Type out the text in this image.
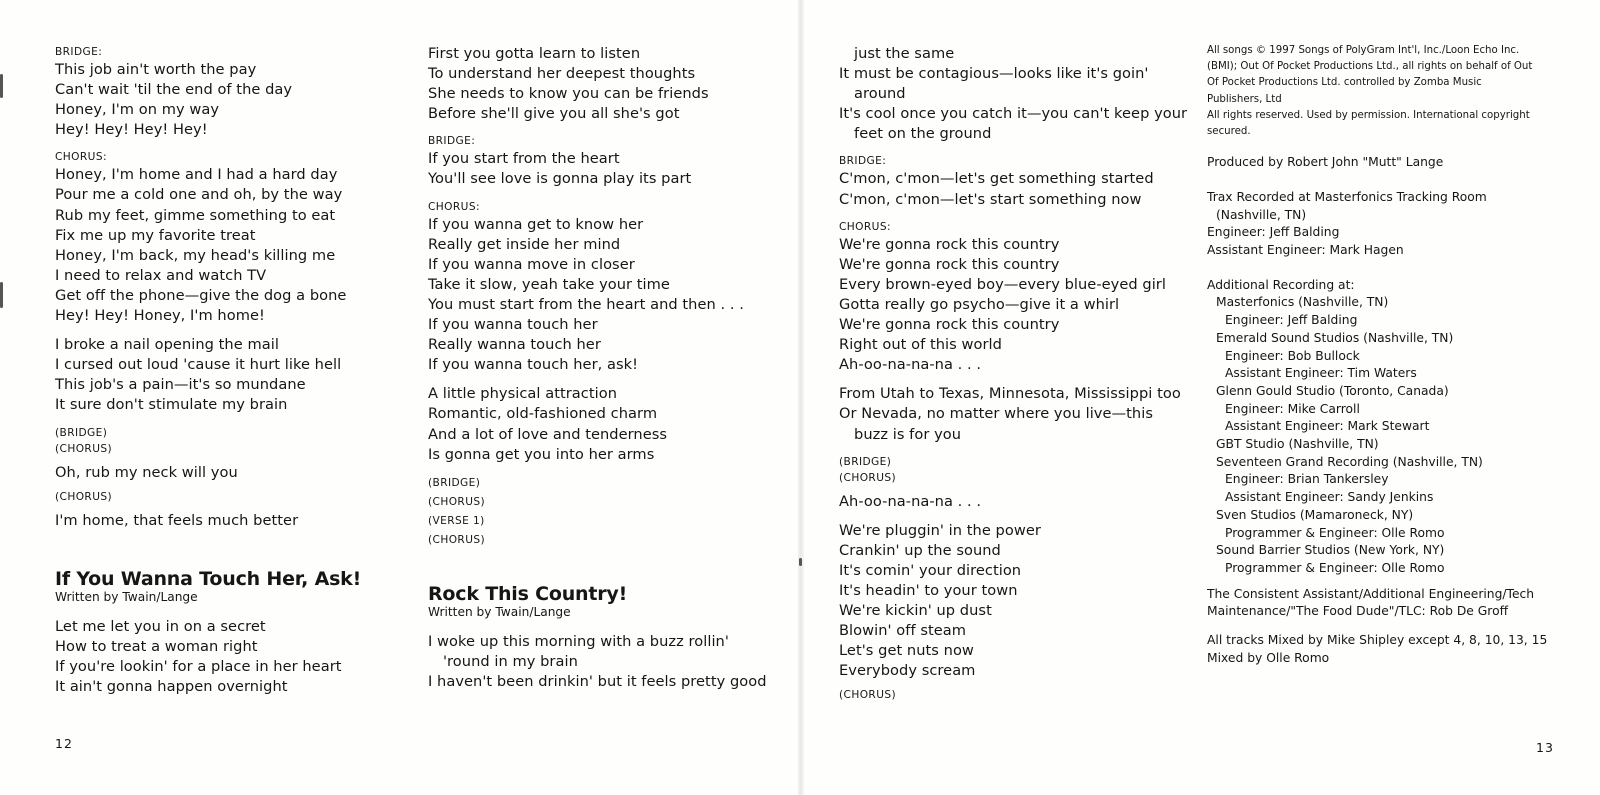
BRIDGE:
This job ain't worth the pay
Can't wait 'til the end of the day
Honey, I'm on my way
Hey! Hey! Hey! Hey!
CHORUS:
Honey, I'm home and I had a hard day
Pour me a cold one and oh, by the way
Rub my feet, gimme something to eat
Fix me up my favorite treat
Honey, I'm back, my head's killing me
I need to relax and watch TV
Get off the phone—give the dog a bone
Hey! Hey! Honey, I'm home!
I broke a nail opening the mail
I cursed out loud 'cause it hurt like hell
This job's a pain—it's so mundane
It sure don't stimulate my brain
(BRIDGE)
(CHORUS)
Oh, rub my neck will you
(CHORUS)
I'm home, that feels much better
If You Wanna Touch Her, Ask!
Written by Twain/Lange
Let me let you in on a secret
How to treat a woman right
If you're lookin' for a place in her heart
It ain't gonna happen overnight
First you gotta learn to listen
To understand her deepest thoughts
She needs to know you can be friends
Before she'll give you all she's got
BRIDGE:
If you start from the heart
You'll see love is gonna play its part
CHORUS:
If you wanna get to know her
Really get inside her mind
If you wanna move in closer
Take it slow, yeah take your time
You must start from the heart and then . . .
If you wanna touch her
Really wanna touch her
If you wanna touch her, ask!
A little physical attraction
Romantic, old-fashioned charm
And a lot of love and tenderness
Is gonna get you into her arms
(BRIDGE)
(CHORUS)
(VERSE 1)
(CHORUS)
Rock This Country!
Written by Twain/Lange
I woke up this morning with a buzz rollin'
'round in my brain
I haven't been drinkin' but it feels pretty good
just the same
It must be contagious—looks like it's goin'
around
It's cool once you catch it—you can't keep your
feet on the ground
BRIDGE:
C'mon, c'mon—let's get something started
C'mon, c'mon—let's start something now
CHORUS:
We're gonna rock this country
We're gonna rock this country
Every brown-eyed boy—every blue-eyed girl
Gotta really go psycho—give it a whirl
We're gonna rock this country
Right out of this world
Ah-oo-na-na-na . . .
From Utah to Texas, Minnesota, Mississippi too
Or Nevada, no matter where you live—this
buzz is for you
(BRIDGE)
(CHORUS)
Ah-oo-na-na-na . . .
We're pluggin' in the power
Crankin' up the sound
It's comin' your direction
It's headin' to your town
We're kickin' up dust
Blowin' off steam
Let's get nuts now
Everybody scream
(CHORUS)
All songs © 1997 Songs of PolyGram Int'l, Inc./Loon Echo Inc.
(BMI); Out Of Pocket Productions Ltd., all rights on behalf of Out
Of Pocket Productions Ltd. controlled by Zomba Music
Publishers, Ltd
All rights reserved. Used by permission. International copyright
secured.
Produced by Robert John "Mutt" Lange
Trax Recorded at Masterfonics Tracking Room
(Nashville, TN)
Engineer: Jeff Balding
Assistant Engineer: Mark Hagen
Additional Recording at:
Masterfonics (Nashville, TN)
Engineer: Jeff Balding
Emerald Sound Studios (Nashville, TN)
Engineer: Bob Bullock
Assistant Engineer: Tim Waters
Glenn Gould Studio (Toronto, Canada)
Engineer: Mike Carroll
Assistant Engineer: Mark Stewart
GBT Studio (Nashville, TN)
Seventeen Grand Recording (Nashville, TN)
Engineer: Brian Tankersley
Assistant Engineer: Sandy Jenkins
Sven Studios (Mamaroneck, NY)
Programmer & Engineer: Olle Romo
Sound Barrier Studios (New York, NY)
Programmer & Engineer: Olle Romo
The Consistent Assistant/Additional Engineering/Tech
Maintenance/"The Food Dude"/TLC: Rob De Groff
All tracks Mixed by Mike Shipley except 4, 8, 10, 13, 15
Mixed by Olle Romo
12	13
